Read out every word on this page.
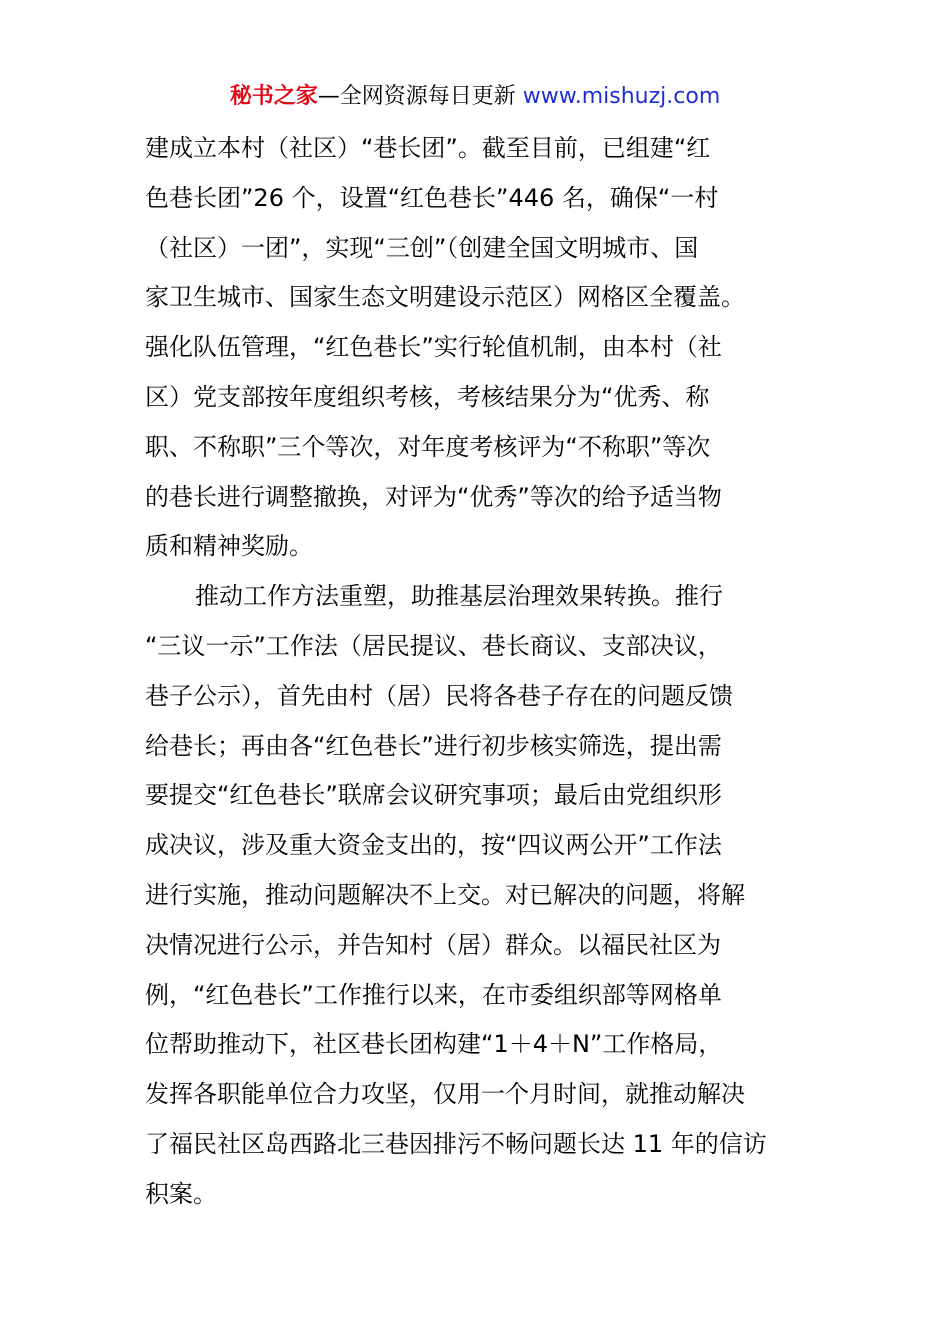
秘书之家—全网资源每日更新 www.mishuzj.com
建成立本村（社区）“巷长团”。截至目前，已组建“红
色巷长团”26 个，设置“红色巷长”446 名，确保“一村
（社区）一团”，实现“三创”（创建全国文明城市、国
家卫生城市、国家生态文明建设示范区）网格区全覆盖。
强化队伍管理，“红色巷长”实行轮值机制，由本村（社
区）党支部按年度组织考核，考核结果分为“优秀、称
职、不称职”三个等次，对年度考核评为“不称职”等次
的巷长进行调整撤换，对评为“优秀”等次的给予适当物
质和精神奖励。
推动工作方法重塑，助推基层治理效果转换。推行
“三议一示”工作法（居民提议、巷长商议、支部决议，
巷子公示），首先由村（居）民将各巷子存在的问题反馈
给巷长；再由各“红色巷长”进行初步核实筛选，提出需
要提交“红色巷长”联席会议研究事项；最后由党组织形
成决议，涉及重大资金支出的，按“四议两公开”工作法
进行实施，推动问题解决不上交。对已解决的问题，将解
决情况进行公示，并告知村（居）群众。以福民社区为
例，“红色巷长”工作推行以来，在市委组织部等网格单
位帮助推动下，社区巷长团构建“1＋4＋N”工作格局，
发挥各职能单位合力攻坚，仅用一个月时间，就推动解决
了福民社区岛西路北三巷因排污不畅问题长达 11 年的信访
积案。
